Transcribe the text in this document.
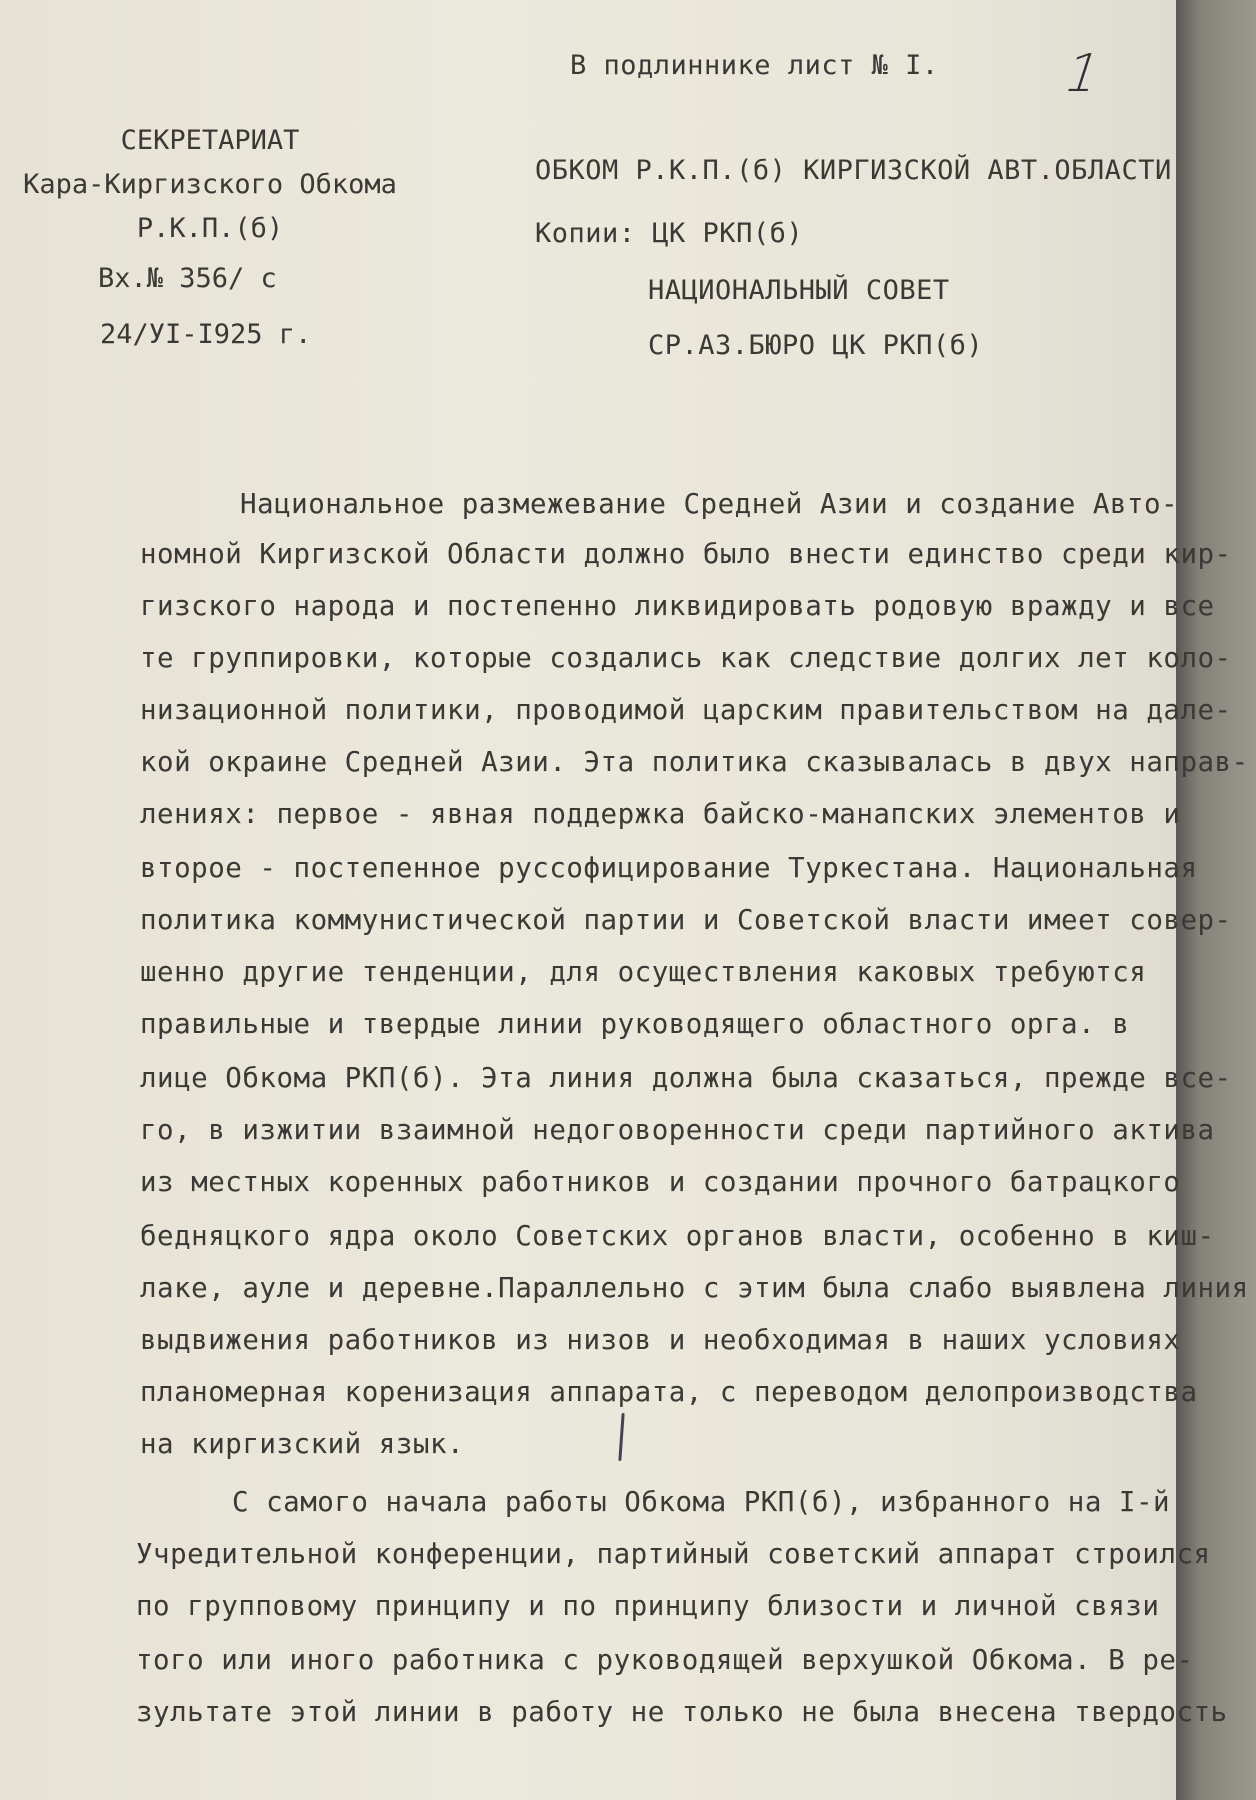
1
В подлиннике лист № I.
СЕКРЕТАРИАТ
Кара-Киргизского Обкома
Р.К.П.(б)
Вх.№ 356/ с
24/УI-I925 г.
ОБКОМ Р.К.П.(б) КИРГИЗСКОЙ АВТ.ОБЛАСТИ
Копии: ЦК РКП(б)
НАЦИОНАЛЬНЫЙ СОВЕТ
СР.АЗ.БЮРО ЦК РКП(б)
Национальное размежевание Средней Азии и создание Авто-
номной Киргизской Области должно было внести единство среди кир-
гизского народа и постепенно ликвидировать родовую вражду и все
те группировки, которые создались как следствие долгих лет коло-
низационной политики, проводимой царским правительством на дале-
кой окраине Средней Азии. Эта политика сказывалась в двух направ-
лениях: первое - явная поддержка байско-манапских элементов и
второе - постепенное руссофицирование Туркестана. Национальная
политика коммунистической партии и Советской власти имеет совер-
шенно другие тенденции, для осуществления каковых требуются
правильные и твердые линии руководящего областного орга. в
лице Обкома РКП(б). Эта линия должна была сказаться, прежде все-
го, в изжитии взаимной недоговоренности среди партийного актива
из местных коренных работников и создании прочного батрацкого
бедняцкого ядра около Советских органов власти, особенно в киш-
лаке, ауле и деревне.Параллельно с этим была слабо выявлена линия
выдвижения работников из низов и необходимая в наших условиях
планомерная коренизация аппарата, с переводом делопроизводства
на киргизский язык.
С самого начала работы Обкома РКП(б), избранного на I-й
Учредительной конференции, партийный советский аппарат строился
по групповому принципу и по принципу близости и личной связи
того или иного работника с руководящей верхушкой Обкома. В ре-
зультате этой линии в работу не только не была внесена твердость
